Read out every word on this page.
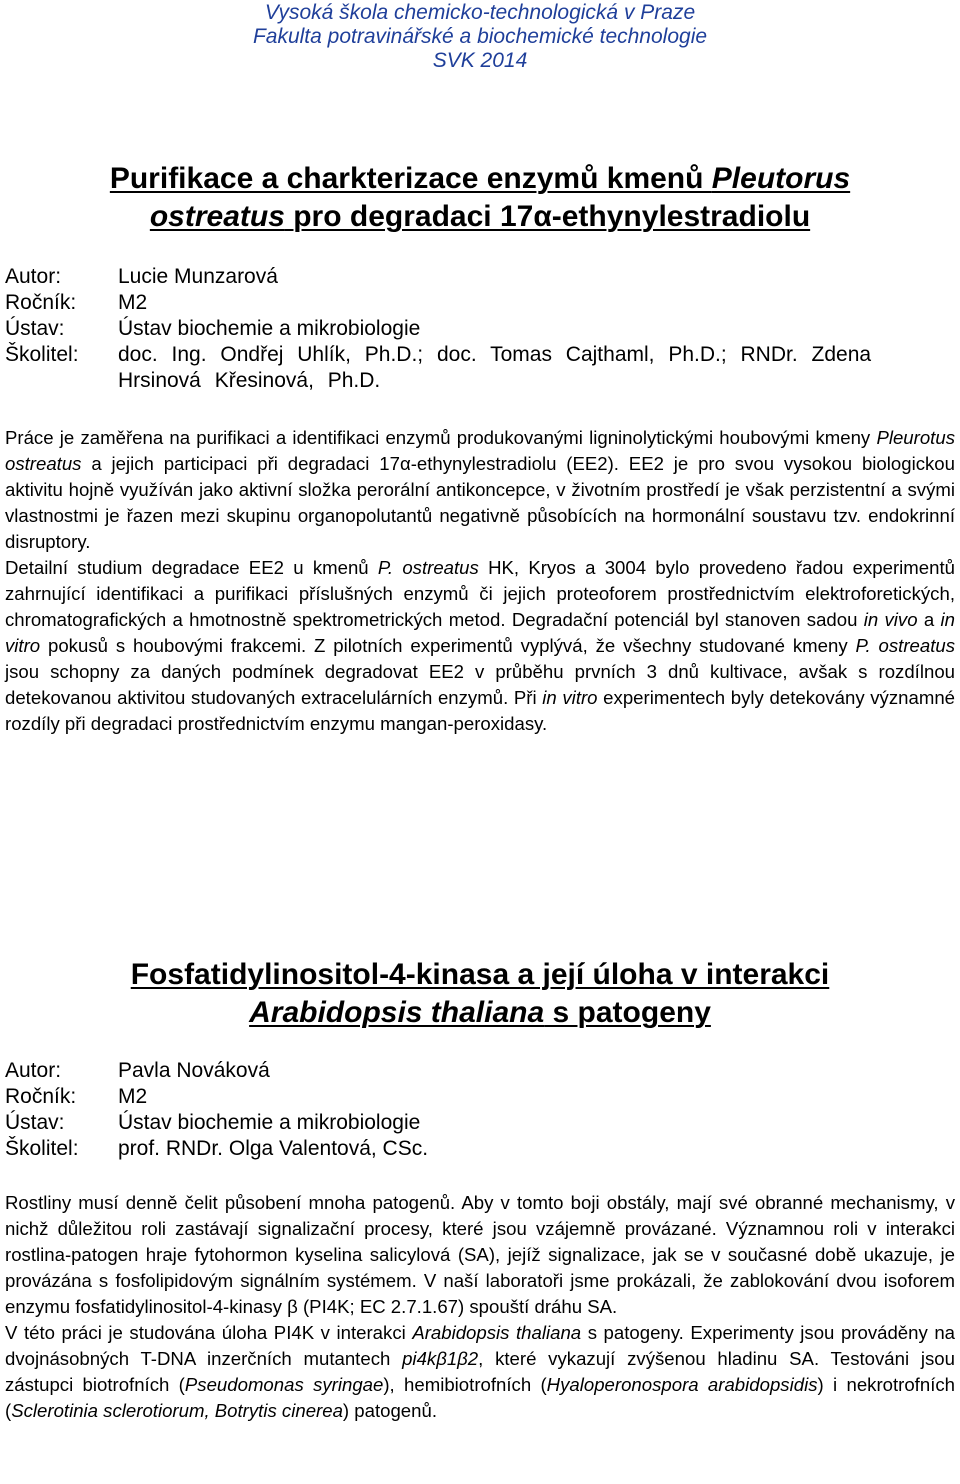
Vysoká škola chemicko-technologická v Praze
Fakulta potravinářské a biochemické technologie
SVK 2014
Purifikace a charkterizace enzymů kmenů Pleutorus
ostreatus pro degradaci 17α-ethynylestradiolu
Autor:	Lucie Munzarová
Ročník:	M2
Ústav:	Ústav biochemie a mikrobiologie
Školitel:	doc. Ing. Ondřej Uhlík, Ph.D.; doc. Tomas Cajthaml, Ph.D.; RNDr. Zdena Hrsinová Křesinová, Ph.D.

Práce je zaměřena na purifikaci a identifikaci enzymů produkovanými ligninolytickými houbovými kmeny Pleurotus ostreatus a jejich participaci při degradaci 17α-ethynylestradiolu (EE2). EE2 je pro svou vysokou biologickou aktivitu hojně využíván jako aktivní složka perorální antikoncepce, v životním prostředí je však perzistentní a svými vlastnostmi je řazen mezi skupinu organopolutantů negativně působících na hormonální soustavu tzv. endokrinní disruptory.

Detailní studium degradace EE2 u kmenů P. ostreatus HK, Kryos a 3004 bylo provedeno řadou experimentů zahrnující identifikaci a purifikaci příslušných enzymů či jejich proteoforem prostřednictvím elektroforetických, chromatografických a hmotnostně spektrometrických metod. Degradační potenciál byl stanoven sadou in vivo a in vitro pokusů s houbovými frakcemi. Z pilotních experimentů vyplývá, že všechny studované kmeny P. ostreatus jsou schopny za daných podmínek degradovat EE2 v průběhu prvních 3 dnů kultivace, avšak s rozdílnou detekovanou aktivitou studovaných extracelulárních enzymů. Při in vitro experimentech byly detekovány významné rozdíly při degradaci prostřednictvím enzymu mangan-peroxidasy.

Fosfatidylinositol-4-kinasa a její úloha v interakci
Arabidopsis thaliana s patogeny
Autor:	Pavla Nováková
Ročník:	M2
Ústav:	Ústav biochemie a mikrobiologie
Školitel:	prof. RNDr. Olga Valentová, CSc.

Rostliny musí denně čelit působení mnoha patogenů. Aby v tomto boji obstály, mají své obranné mechanismy, v nichž důležitou roli zastávají signalizační procesy, které jsou vzájemně provázané. Významnou roli v interakci rostlina-patogen hraje fytohormon kyselina salicylová (SA), jejíž signalizace, jak se v současné době ukazuje, je provázána s fosfolipidovým signálním systémem. V naší laboratoři jsme prokázali, že zablokování dvou isoforem enzymu fosfatidylinositol-4-kinasy β (PI4K; EC 2.7.1.67) spouští dráhu SA.

V této práci je studována úloha PI4K v interakci Arabidopsis thaliana s patogeny. Experimenty jsou prováděny na dvojnásobných T-DNA inzerčních mutantech pi4kβ1β2, které vykazují zvýšenou hladinu SA. Testováni jsou zástupci biotrofních (Pseudomonas syringae), hemibiotrofních (Hyaloperonospora arabidopsidis) i nekrotrofních (Sclerotinia sclerotiorum, Botrytis cinerea) patogenů.
